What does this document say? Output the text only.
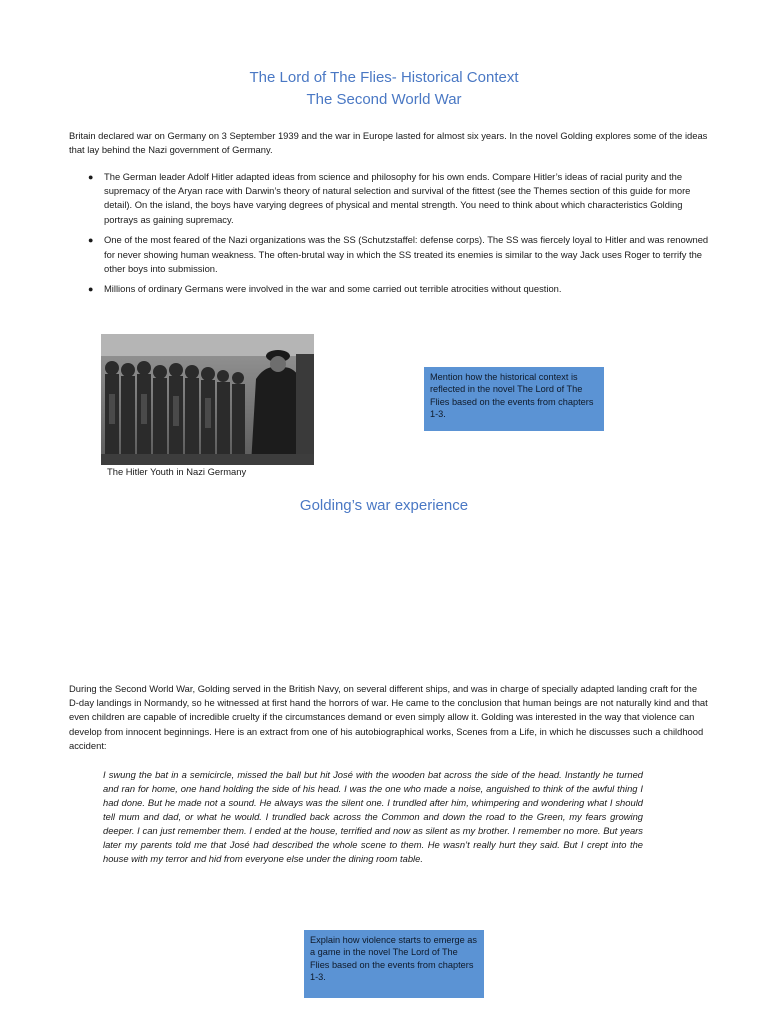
The Lord of The Flies- Historical Context
The Second World War
Britain declared war on Germany on 3 September 1939 and the war in Europe lasted for almost six years. In the novel Golding explores some of the ideas that lay behind the Nazi government of Germany.
● The German leader Adolf Hitler adapted ideas from science and philosophy for his own ends. Compare Hitler’s ideas of racial purity and the supremacy of the Aryan race with Darwin’s theory of natural selection and survival of the fittest (see the Themes section of this guide for more detail). On the island, the boys have varying degrees of physical and mental strength. You need to think about which characteristics Golding portrays as gaining supremacy.
● One of the most feared of the Nazi organizations was the SS (Schutzstaffel: defense corps). The SS was fiercely loyal to Hitler and was renowned for never showing human weakness. The often-brutal way in which the SS treated its enemies is similar to the way Jack uses Roger to terrify the other boys into submission.
● Millions of ordinary Germans were involved in the war and some carried out terrible atrocities without question.
The Hitler Youth in Nazi Germany
Mention how the historical context is reflected in the novel The Lord of The Flies based on the events from chapters 1-3.
Golding’s war experience
During the Second World War, Golding served in the British Navy, on several different ships, and was in charge of specially adapted landing craft for the D-day landings in Normandy, so he witnessed at first hand the horrors of war. He came to the conclusion that human beings are not naturally kind and that even children are capable of incredible cruelty if the circumstances demand or even simply allow it. Golding was interested in the way that violence can develop from innocent beginnings. Here is an extract from one of his autobiographical works, Scenes from a Life, in which he discusses such a childhood accident:
I swung the bat in a semicircle, missed the ball but hit José with the wooden bat across the side of the head. Instantly he turned and ran for home, one hand holding the side of his head. I was the one who made a noise, anguished to think of the awful thing I had done. But he made not a sound. He always was the silent one. I trundled after him, whimpering and wondering what I should tell mum and dad, or what he would. I trundled back across the Common and down the road to the Green, my fears growing deeper. I can just remember them. I ended at the house, terrified and now as silent as my brother. I remember no more. But years later my parents told me that José had described the whole scene to them. He wasn’t really hurt they said. But I crept into the house with my terror and hid from everyone else under the dining room table.
Explain how violence starts to emerge as a game in the novel The Lord of The Flies based on the events from chapters 1-3.
